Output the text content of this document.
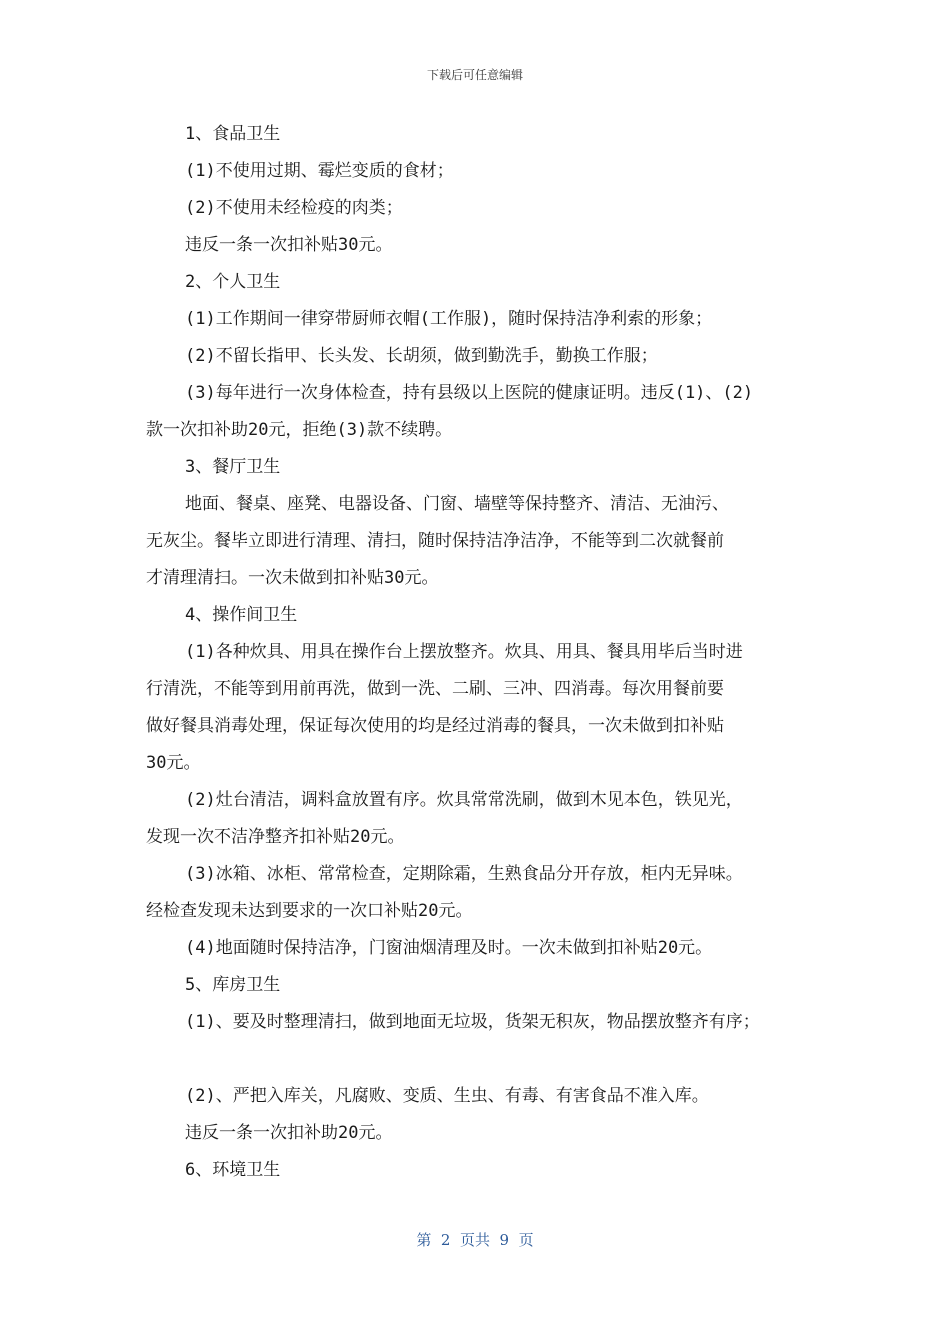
下载后可任意编辑
1、食品卫生
(1)不使用过期、霉烂变质的食材；
(2)不使用未经检疫的肉类；
违反一条一次扣补贴30元。
2、个人卫生
(1)工作期间一律穿带厨师衣帽(工作服)，随时保持洁净利索的形象；
(2)不留长指甲、长头发、长胡须，做到勤洗手，勤换工作服；
(3)每年进行一次身体检查，持有县级以上医院的健康证明。违反(1)、(2)
款一次扣补助20元，拒绝(3)款不续聘。
3、餐厅卫生
地面、餐桌、座凳、电器设备、门窗、墙壁等保持整齐、清洁、无油污、
无灰尘。餐毕立即进行清理、清扫，随时保持洁净洁净，不能等到二次就餐前
才清理清扫。一次未做到扣补贴30元。
4、操作间卫生
(1)各种炊具、用具在操作台上摆放整齐。炊具、用具、餐具用毕后当时进
行清洗，不能等到用前再洗，做到一洗、二刷、三冲、四消毒。每次用餐前要
做好餐具消毒处理，保证每次使用的均是经过消毒的餐具，一次未做到扣补贴
30元。
(2)灶台清洁，调料盒放置有序。炊具常常洗刷，做到木见本色，铁见光，
发现一次不洁净整齐扣补贴20元。
(3)冰箱、冰柜、常常检查，定期除霜，生熟食品分开存放，柜内无异味。
经检查发现未达到要求的一次口补贴20元。
(4)地面随时保持洁净，门窗油烟清理及时。一次未做到扣补贴20元。
5、库房卫生
(1)、要及时整理清扫，做到地面无垃圾，货架无积灰，物品摆放整齐有序；
(2)、严把入库关，凡腐败、变质、生虫、有毒、有害食品不准入库。
违反一条一次扣补助20元。
6、环境卫生
第  2  页共  9  页
